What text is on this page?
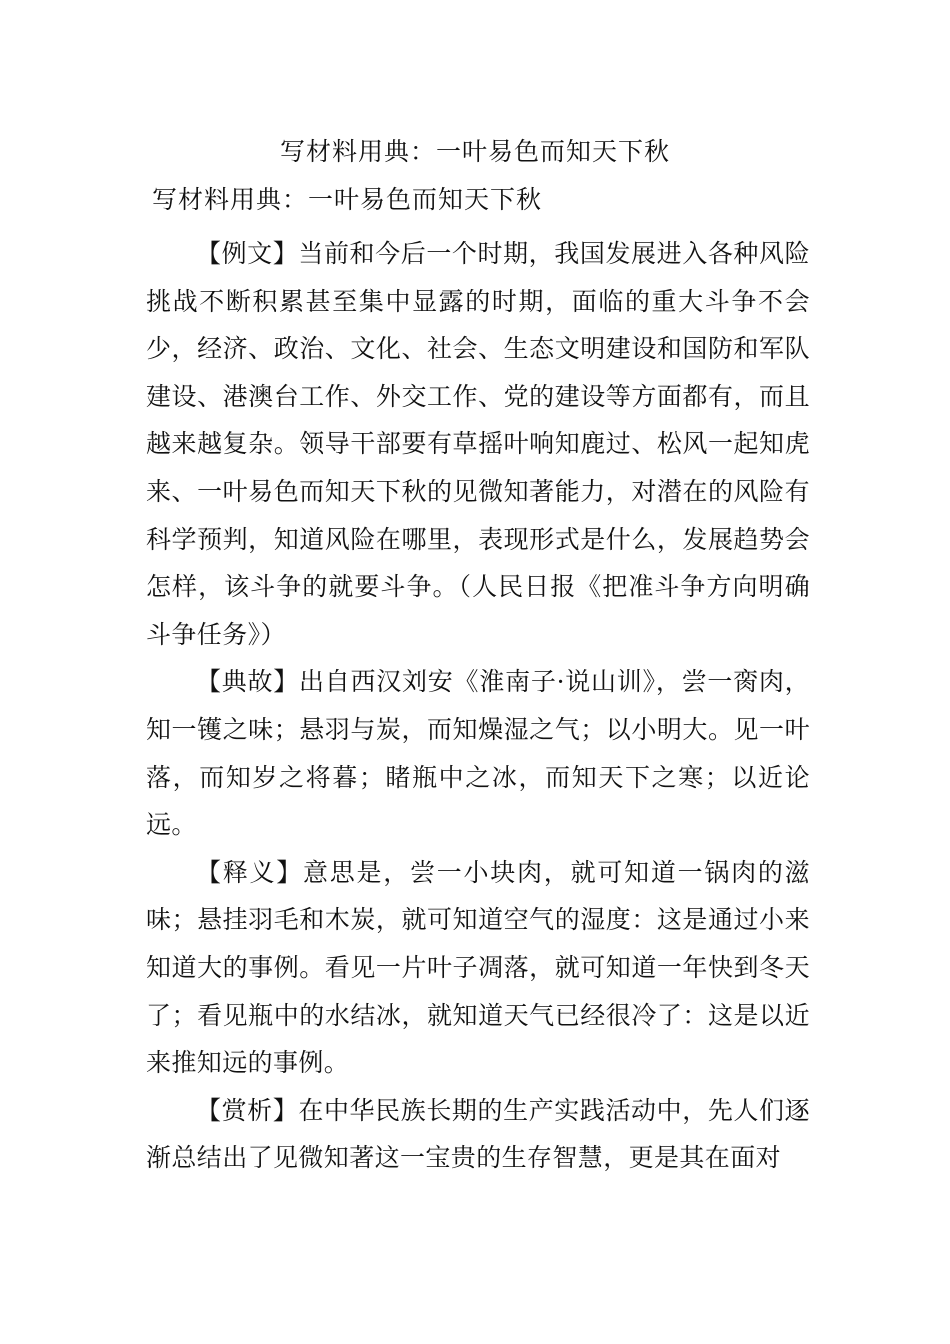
写材料用典：一叶易色而知天下秋
写材料用典：一叶易色而知天下秋

【例文】当前和今后一个时期，我国发展进入各种风险挑战不断积累甚至集中显露的时期，面临的重大斗争不会少，经济、政治、文化、社会、生态文明建设和国防和军队建设、港澳台工作、外交工作、党的建设等方面都有，而且越来越复杂。领导干部要有草摇叶响知鹿过、松风一起知虎来、一叶易色而知天下秋的见微知著能力，对潜在的风险有科学预判，知道风险在哪里，表现形式是什么，发展趋势会怎样，该斗争的就要斗争。（人民日报《把准斗争方向明确斗争任务》）

【典故】出自西汉刘安《淮南子·说山训》，尝一脔肉，知一镬之味；悬羽与炭，而知燥湿之气；以小明大。见一叶落，而知岁之将暮；睹瓶中之冰，而知天下之寒；以近论远。

【释义】意思是，尝一小块肉，就可知道一锅肉的滋味；悬挂羽毛和木炭，就可知道空气的湿度：这是通过小来知道大的事例。看见一片叶子凋落，就可知道一年快到冬天了；看见瓶中的水结冰，就知道天气已经很冷了：这是以近来推知远的事例。

【赏析】在中华民族长期的生产实践活动中，先人们逐渐总结出了见微知著这一宝贵的生存智慧，更是其在面对
